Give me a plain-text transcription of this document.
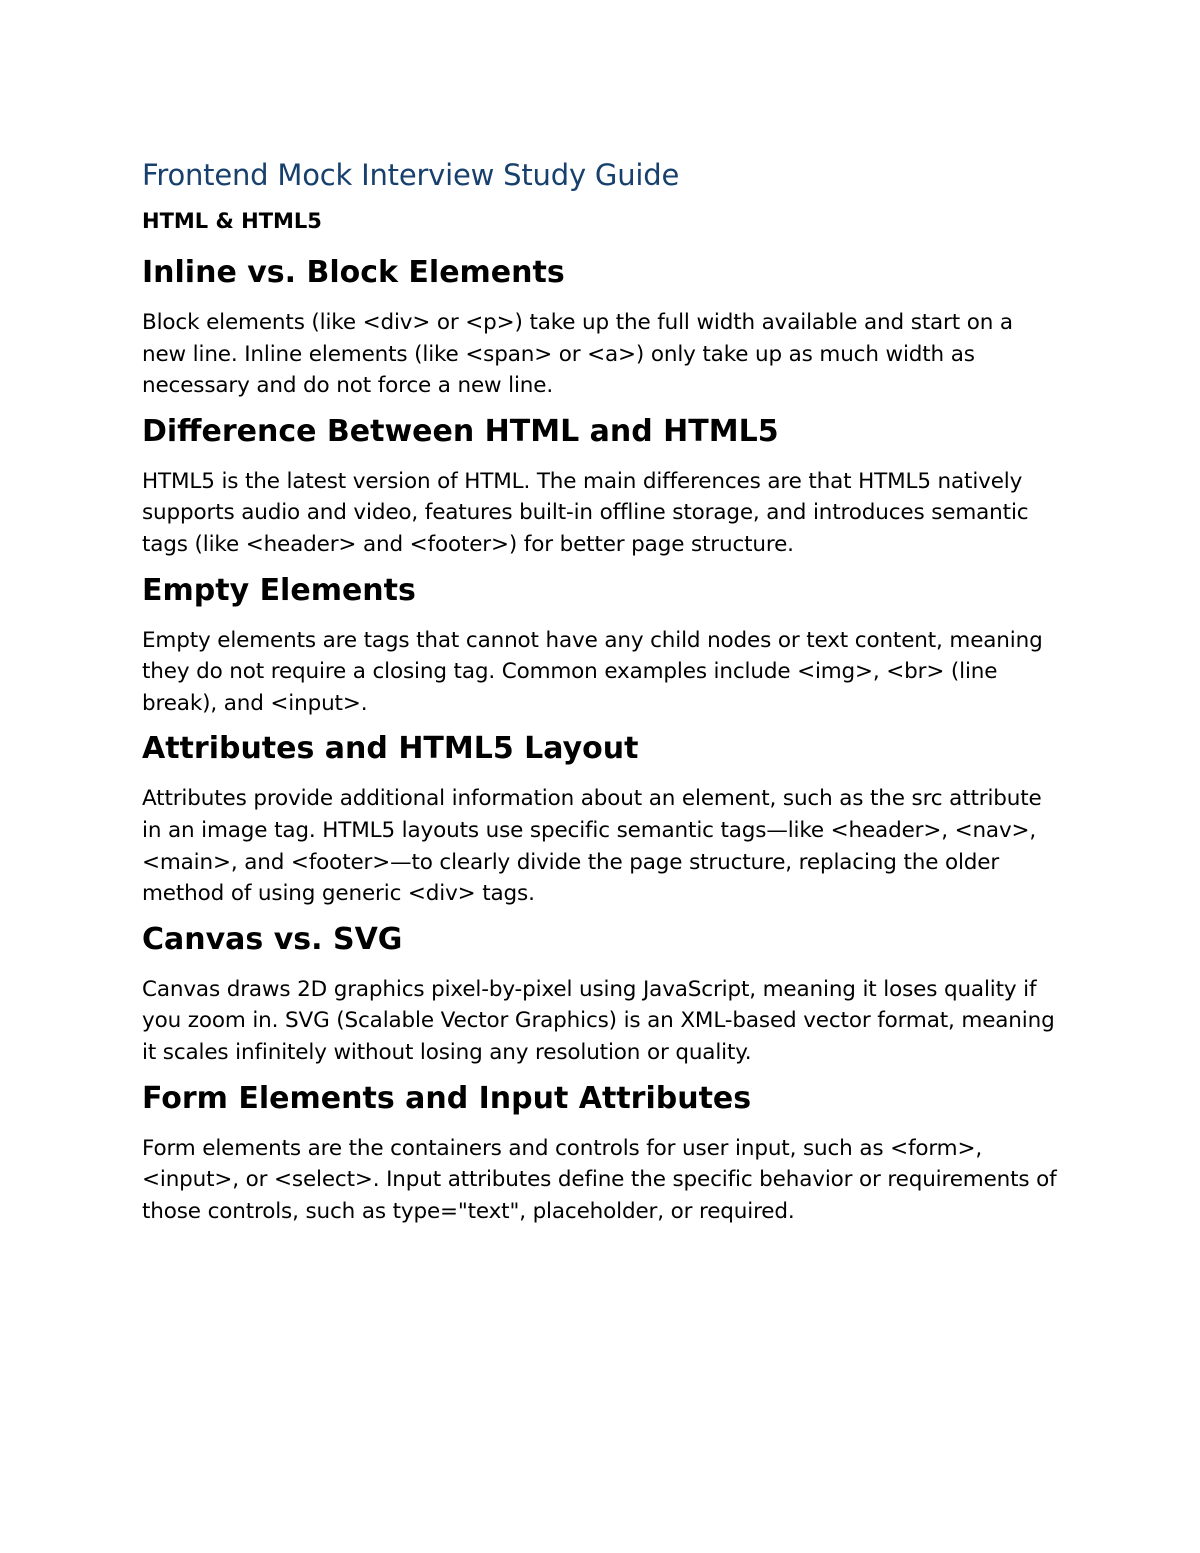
Frontend Mock Interview Study Guide
HTML & HTML5
Inline vs. Block Elements

Block elements (like <div> or <p>) take up the full width available and start on a new line. Inline elements (like <span> or <a>) only take up as much width as necessary and do not force a new line.

Difference Between HTML and HTML5

HTML5 is the latest version of HTML. The main differences are that HTML5 natively supports audio and video, features built-in offline storage, and introduces semantic tags (like <header> and <footer>) for better page structure.

Empty Elements

Empty elements are tags that cannot have any child nodes or text content, meaning they do not require a closing tag. Common examples include <img>, <br> (line break), and <input>.

Attributes and HTML5 Layout

Attributes provide additional information about an element, such as the src attribute in an image tag. HTML5 layouts use specific semantic tags—like <header>, <nav>, <main>, and <footer>—to clearly divide the page structure, replacing the older method of using generic <div> tags.

Canvas vs. SVG

Canvas draws 2D graphics pixel-by-pixel using JavaScript, meaning it loses quality if you zoom in. SVG (Scalable Vector Graphics) is an XML-based vector format, meaning it scales infinitely without losing any resolution or quality.

Form Elements and Input Attributes

Form elements are the containers and controls for user input, such as <form>, <input>, or <select>. Input attributes define the specific behavior or requirements of those controls, such as type="text", placeholder, or required.
